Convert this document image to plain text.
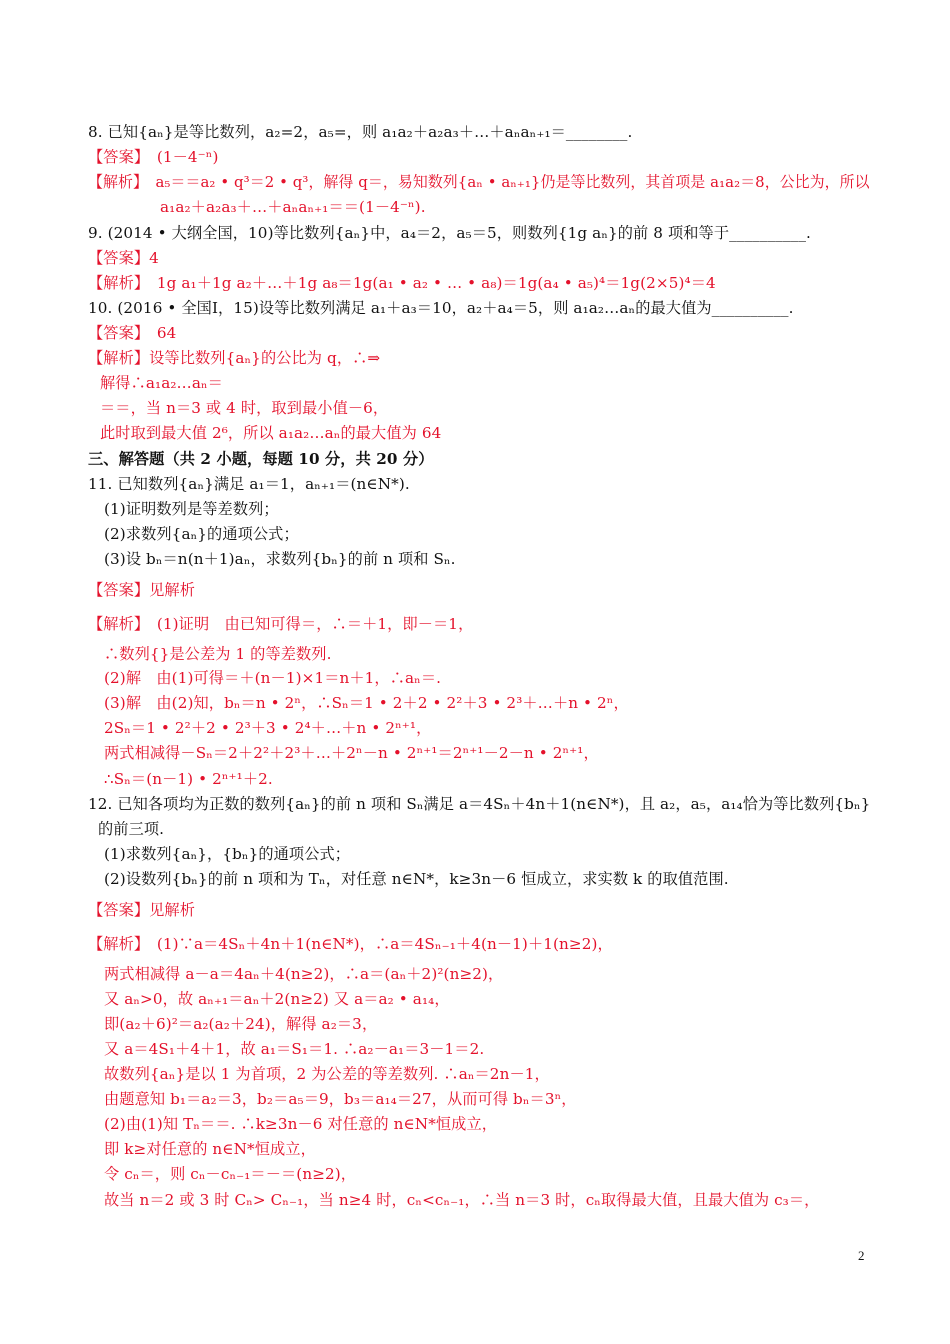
2
8. 已知{aₙ}是等比数列，a₂=2，a₅=，则 a₁a₂＋a₂a₃＋…＋aₙaₙ₊₁＝________.
【答案】　(1－4⁻ⁿ)
【解析】　a₅＝＝a₂ • q³＝2 • q³，解得 q＝，易知数列{aₙ • aₙ₊₁}仍是等比数列，其首项是 a₁a₂＝8，公比为，所以
a₁a₂＋a₂a₃＋…＋aₙaₙ₊₁＝＝(1－4⁻ⁿ).
9. (2014 • 大纲全国，10)等比数列{aₙ}中，a₄＝2，a₅＝5，则数列{1g aₙ}的前 8 项和等于__________.
【答案】4
【解析】　1g a₁＋1g a₂＋…＋1g a₈＝1g(a₁ • a₂ • … • a₈)＝1g(a₄ • a₅)⁴＝1g(2×5)⁴＝4
10. (2016 • 全国Ⅰ，15)设等比数列满足 a₁＋a₃＝10，a₂＋a₄＝5，则 a₁a₂…aₙ的最大值为__________.
【答案】　64
【解析】设等比数列{aₙ}的公比为 q，∴⇒
解得∴a₁a₂…aₙ＝
＝＝，当 n＝3 或 4 时，取到最小值－6，
此时取到最大值 2⁶，所以 a₁a₂…aₙ的最大值为 64
三、解答题（共 2 小题，每题 10 分，共 20 分）
11. 已知数列{aₙ}满足 a₁＝1，aₙ₊₁＝(n∈N*).
(1)证明数列是等差数列；
(2)求数列{aₙ}的通项公式；
(3)设 bₙ＝n(n＋1)aₙ，求数列{bₙ}的前 n 项和 Sₙ.
【答案】见解析
【解析】　(1)证明　由已知可得＝，∴＝＋1，即－＝1，
∴数列{}是公差为 1 的等差数列.
(2)解　由(1)可得＝＋(n－1)×1＝n＋1，∴aₙ＝.
(3)解　由(2)知，bₙ＝n • 2ⁿ，∴Sₙ＝1 • 2＋2 • 2²＋3 • 2³＋…＋n • 2ⁿ，
2Sₙ＝1 • 2²＋2 • 2³＋3 • 2⁴＋…＋n • 2ⁿ⁺¹，
两式相减得－Sₙ＝2＋2²＋2³＋…＋2ⁿ－n • 2ⁿ⁺¹＝2ⁿ⁺¹－2－n • 2ⁿ⁺¹，
∴Sₙ＝(n－1) • 2ⁿ⁺¹＋2.
12. 已知各项均为正数的数列{aₙ}的前 n 项和 Sₙ满足 a＝4Sₙ＋4n＋1(n∈N*)，且 a₂，a₅，a₁₄恰为等比数列{bₙ}
的前三项.
(1)求数列{aₙ}，{bₙ}的通项公式；
(2)设数列{bₙ}的前 n 项和为 Tₙ，对任意 n∈N*，k≥3n－6 恒成立，求实数 k 的取值范围.
【答案】见解析
【解析】　(1)∵a＝4Sₙ＋4n＋1(n∈N*)，∴a＝4Sₙ₋₁＋4(n－1)＋1(n≥2)，
两式相减得 a－a＝4aₙ＋4(n≥2)，∴a＝(aₙ＋2)²(n≥2)，
又 aₙ>0，故 aₙ₊₁＝aₙ＋2(n≥2) 又 a＝a₂ • a₁₄，
即(a₂＋6)²＝a₂(a₂＋24)，解得 a₂＝3，
又 a＝4S₁＋4＋1，故 a₁＝S₁＝1. ∴a₂－a₁＝3－1＝2.
故数列{aₙ}是以 1 为首项，2 为公差的等差数列. ∴aₙ＝2n－1，
由题意知 b₁＝a₂＝3，b₂＝a₅＝9，b₃＝a₁₄＝27，从而可得 bₙ＝3ⁿ，
(2)由(1)知 Tₙ＝＝. ∴k≥3n－6 对任意的 n∈N*恒成立，
即 k≥对任意的 n∈N*恒成立，
令 cₙ＝，则 cₙ－cₙ₋₁＝－＝(n≥2)，
故当 n＝2 或 3 时 Cₙ> Cₙ₋₁，当 n≥4 时，cₙ<cₙ₋₁，∴当 n＝3 时，cₙ取得最大值，且最大值为 c₃＝，
